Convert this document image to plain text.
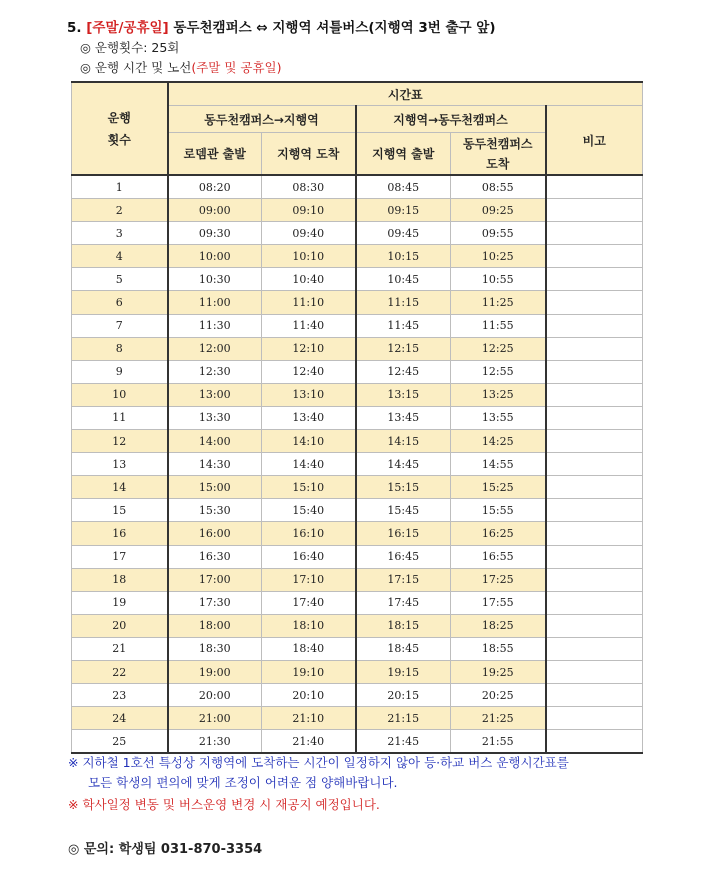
5. [주말/공휴일] 동두천캠퍼스 ⇔ 지행역 셔틀버스(지행역 3번 출구 앞)
◎ 운행횟수: 25회
◎ 운행 시간 및 노선(주말 및 공휴일)
운행
횟수	시간표				
	동두천캠퍼스→지행역		지행역→동두천캠퍼스		비고
	로뎀관 출발	지행역 도착	지행역 출발	동두천캠퍼스
도착	
1	08:20	08:30	08:45	08:55	
2	09:00	09:10	09:15	09:25	
3	09:30	09:40	09:45	09:55	
4	10:00	10:10	10:15	10:25	
5	10:30	10:40	10:45	10:55	
6	11:00	11:10	11:15	11:25	
7	11:30	11:40	11:45	11:55	
8	12:00	12:10	12:15	12:25	
9	12:30	12:40	12:45	12:55	
10	13:00	13:10	13:15	13:25	
11	13:30	13:40	13:45	13:55	
12	14:00	14:10	14:15	14:25	
13	14:30	14:40	14:45	14:55	
14	15:00	15:10	15:15	15:25	
15	15:30	15:40	15:45	15:55	
16	16:00	16:10	16:15	16:25	
17	16:30	16:40	16:45	16:55	
18	17:00	17:10	17:15	17:25	
19	17:30	17:40	17:45	17:55	
20	18:00	18:10	18:15	18:25	
21	18:30	18:40	18:45	18:55	
22	19:00	19:10	19:15	19:25	
23	20:00	20:10	20:15	20:25	
24	21:00	21:10	21:15	21:25	
25	21:30	21:40	21:45	21:55	
※ 지하철 1호선 특성상 지행역에 도착하는 시간이 일정하지 않아 등·하교 버스 운행시간표를
모든 학생의 편의에 맞게 조정이 어려운 점 양해바랍니다.
※ 학사일정 변동 및 버스운영 변경 시 재공지 예정입니다.
◎ 문의: 학생팀 031-870-3354
